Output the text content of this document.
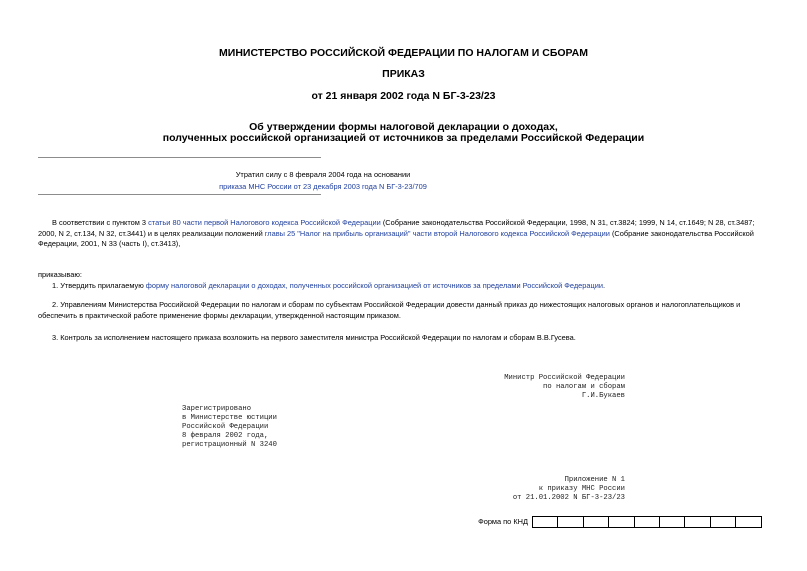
МИНИСТЕРСТВО РОССИЙСКОЙ ФЕДЕРАЦИИ ПО НАЛОГАМ И СБОРАМ
ПРИКАЗ
от 21 января 2002 года N БГ-3-23/23
Об утверждении формы налоговой декларации о доходах,
полученных российской организацией от источников за пределами Российской Федерации
Утратил силу с 8 февраля 2004 года на основании
приказа МНС России от 23 декабря 2003 года N БГ-3-23/709
В соответствии с пунктом 3 статьи 80 части первой Налогового кодекса Российской Федерации (Собрание законодательства Российской Федерации, 1998, N 31, ст.3824; 1999, N 14, ст.1649; N 28, ст.3487; 2000, N 2, ст.134, N 32, ст.3441) и в целях реализации положений главы 25 "Налог на прибыль организаций" части второй Налогового кодекса Российской Федерации (Собрание законодательства Российской Федерации, 2001, N 33 (часть I), ст.3413),
приказываю:
1. Утвердить прилагаемую форму налоговой декларации о доходах, полученных российской организацией от источников за пределами Российской Федерации.
2. Управлениям Министерства Российской Федерации по налогам и сборам по субъектам Российской Федерации довести данный приказ до нижестоящих налоговых органов и налогоплательщиков и обеспечить в практической работе применение формы декларации, утвержденной настоящим приказом.
3. Контроль за исполнением настоящего приказа возложить на первого заместителя министра Российской Федерации по налогам и сборам В.В.Гусева.
Министр Российской Федерации
по налогам и сборам
Г.И.Букаев
Зарегистрировано
в Министерстве юстиции
Российской Федерации
8 февраля 2002 года,
регистрационный N 3240
Приложение N 1
к приказу МНС России
от 21.01.2002 N БГ-3-23/23
Форма по КНД
